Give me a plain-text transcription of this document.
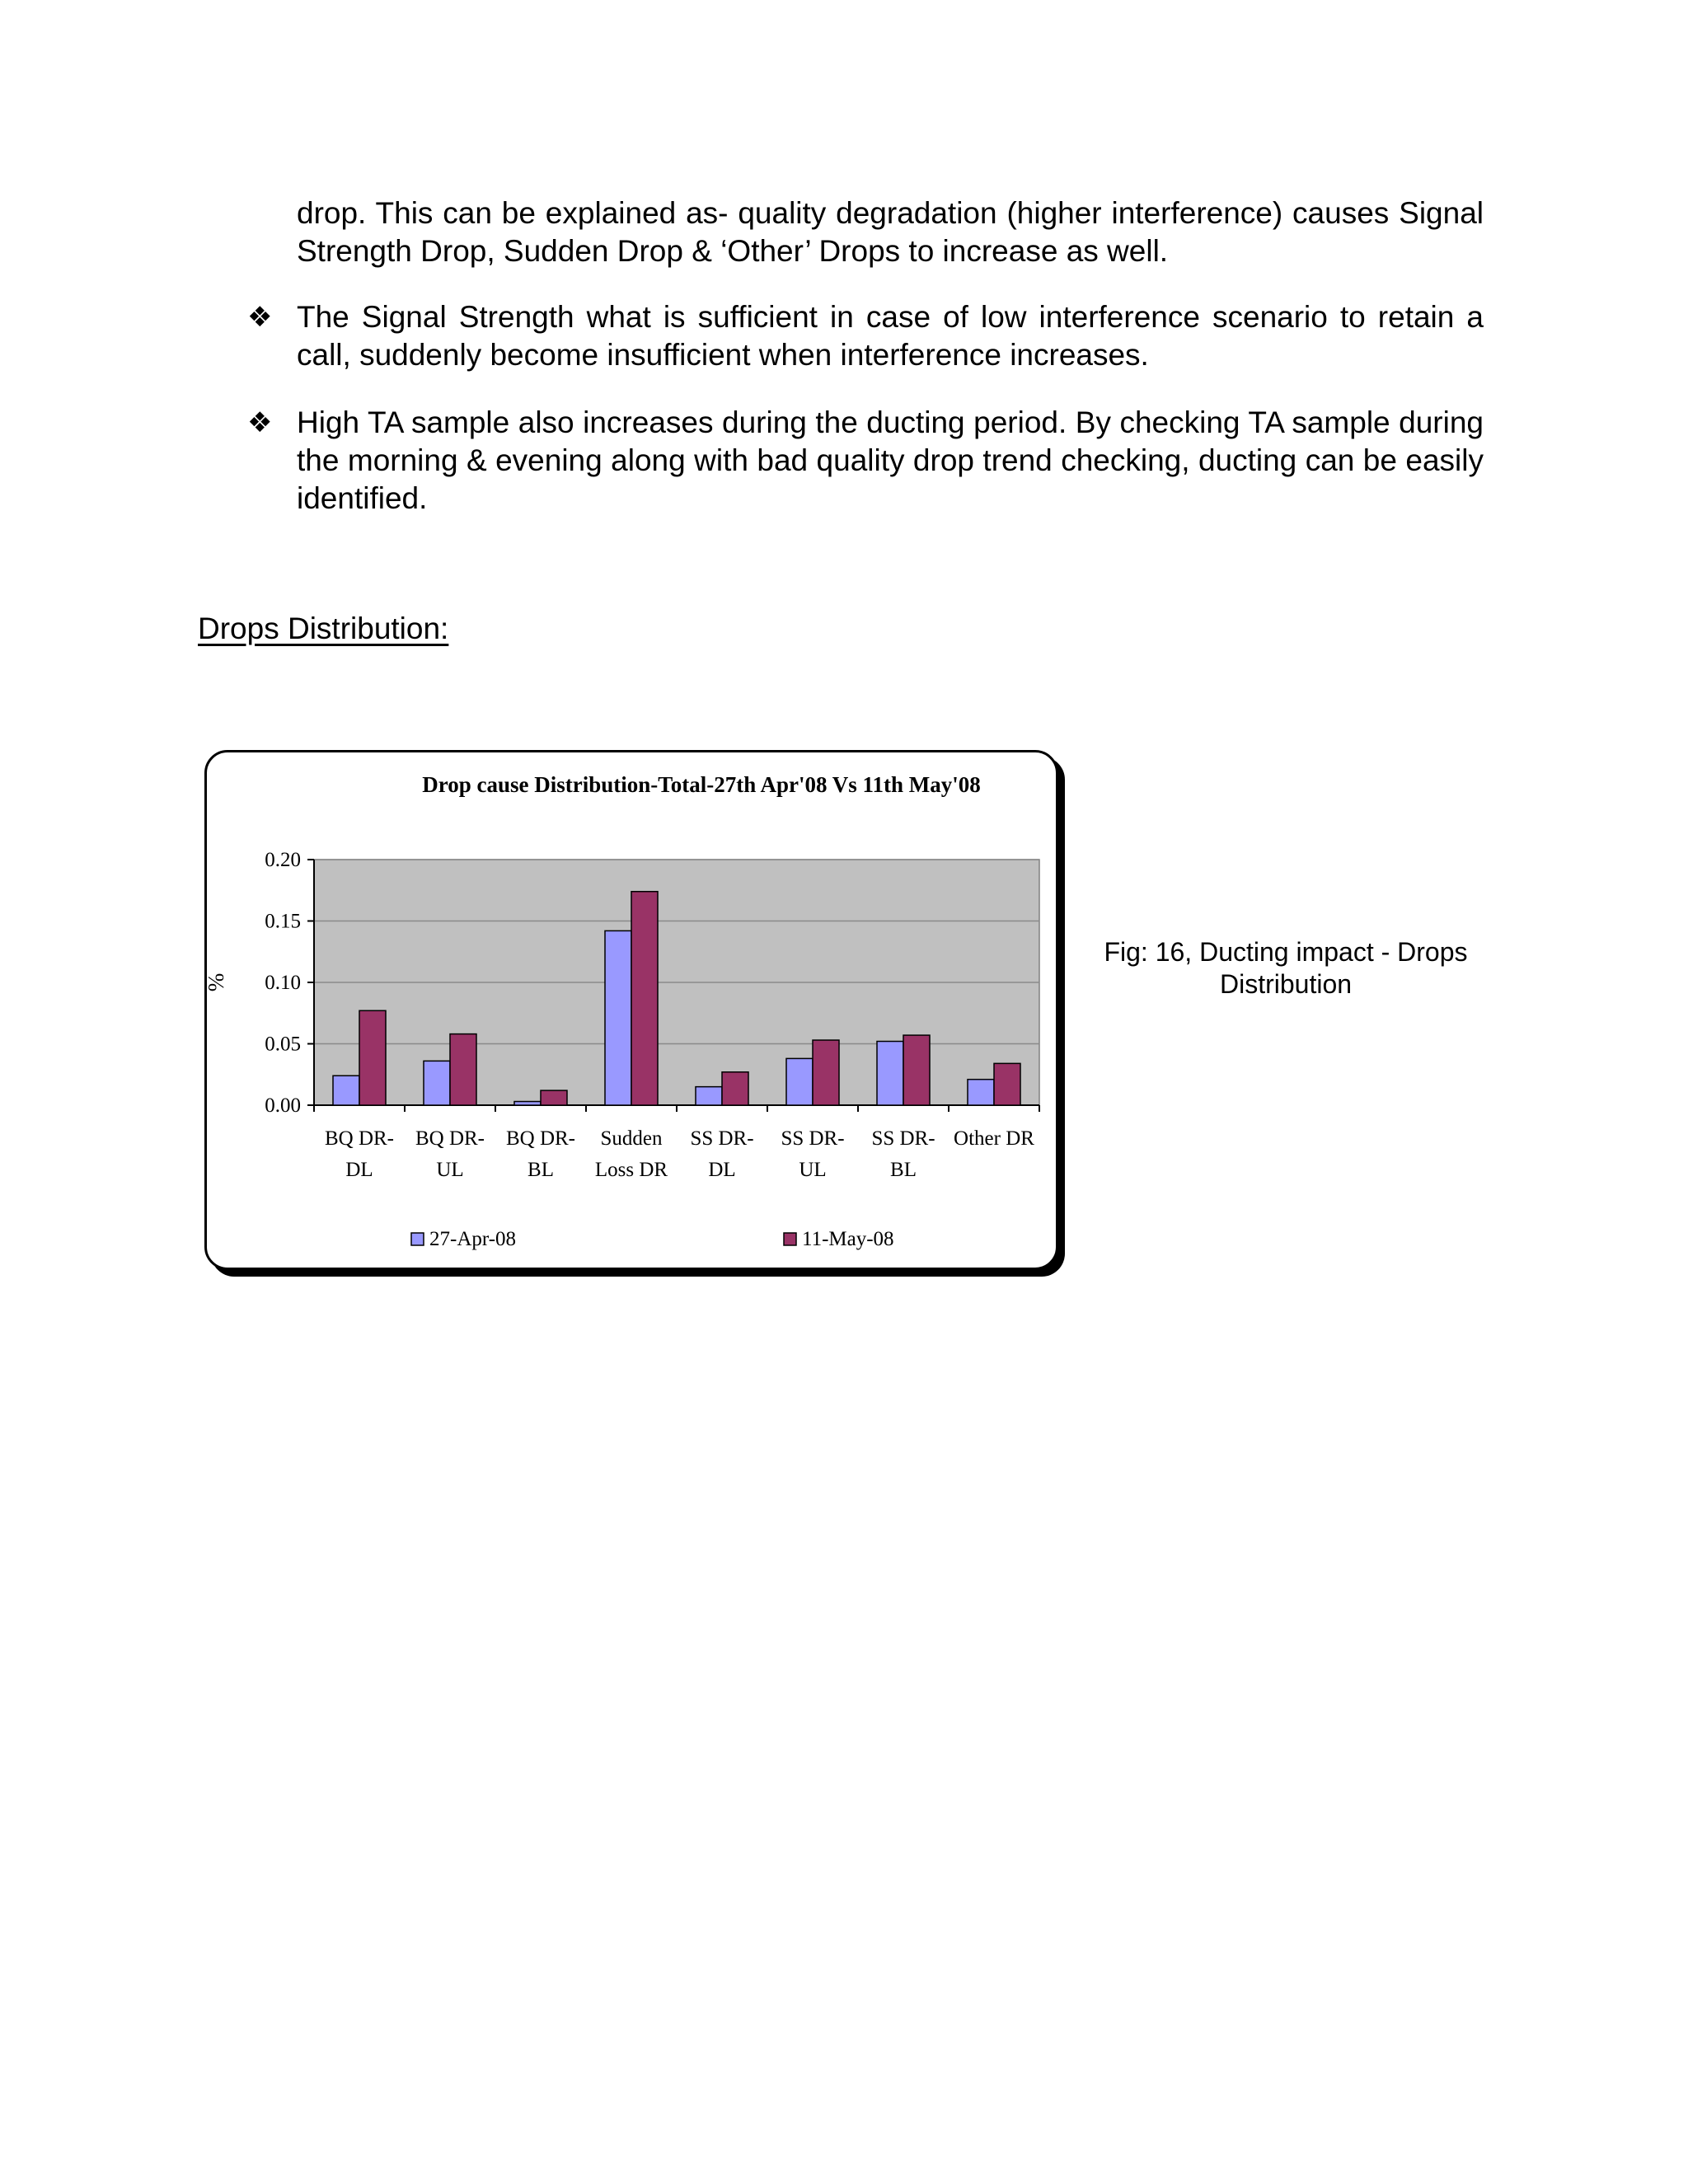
drop. This can be explained as- quality degradation (higher interference) causes Signal Strength Drop, Sudden Drop & ‘Other’ Drops to increase as well.
❖ The Signal Strength what is sufficient in case of low interference scenario to retain a call, suddenly become insufficient when interference increases.
❖ High TA sample also increases during the ducting period. By checking TA sample during the morning & evening along with bad quality drop trend checking, ducting can be easily identified.
Drops Distribution:
Drop cause Distribution-Total-27th Apr'08 Vs 11th May'08
0.00
0.05
0.10
0.15
0.20
%
BQ DR-
DL
BQ DR-
UL
BQ DR-
BL
Sudden
Loss DR
SS DR-
DL
SS DR-
UL
SS DR-
BL
Other DR
27-Apr-08	11-May-08
Fig: 16, Ducting impact - Drops Distribution
